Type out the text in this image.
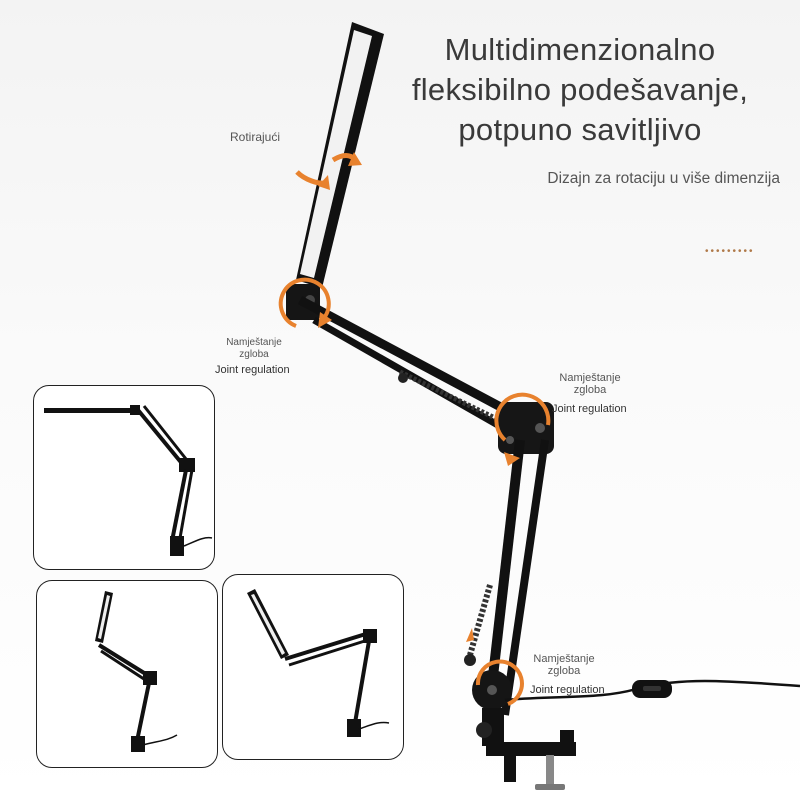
Multidimenzionalno
fleksibilno podešavanje,
potpuno savitljivo
Dizajn za rotaciju u više dimenzija
•••••••••
Rotirajući
Namještanje
zgloba
Joint regulation
Namještanje
zgloba
Joint regulation
Namještanje
zgloba
Joint regulation
